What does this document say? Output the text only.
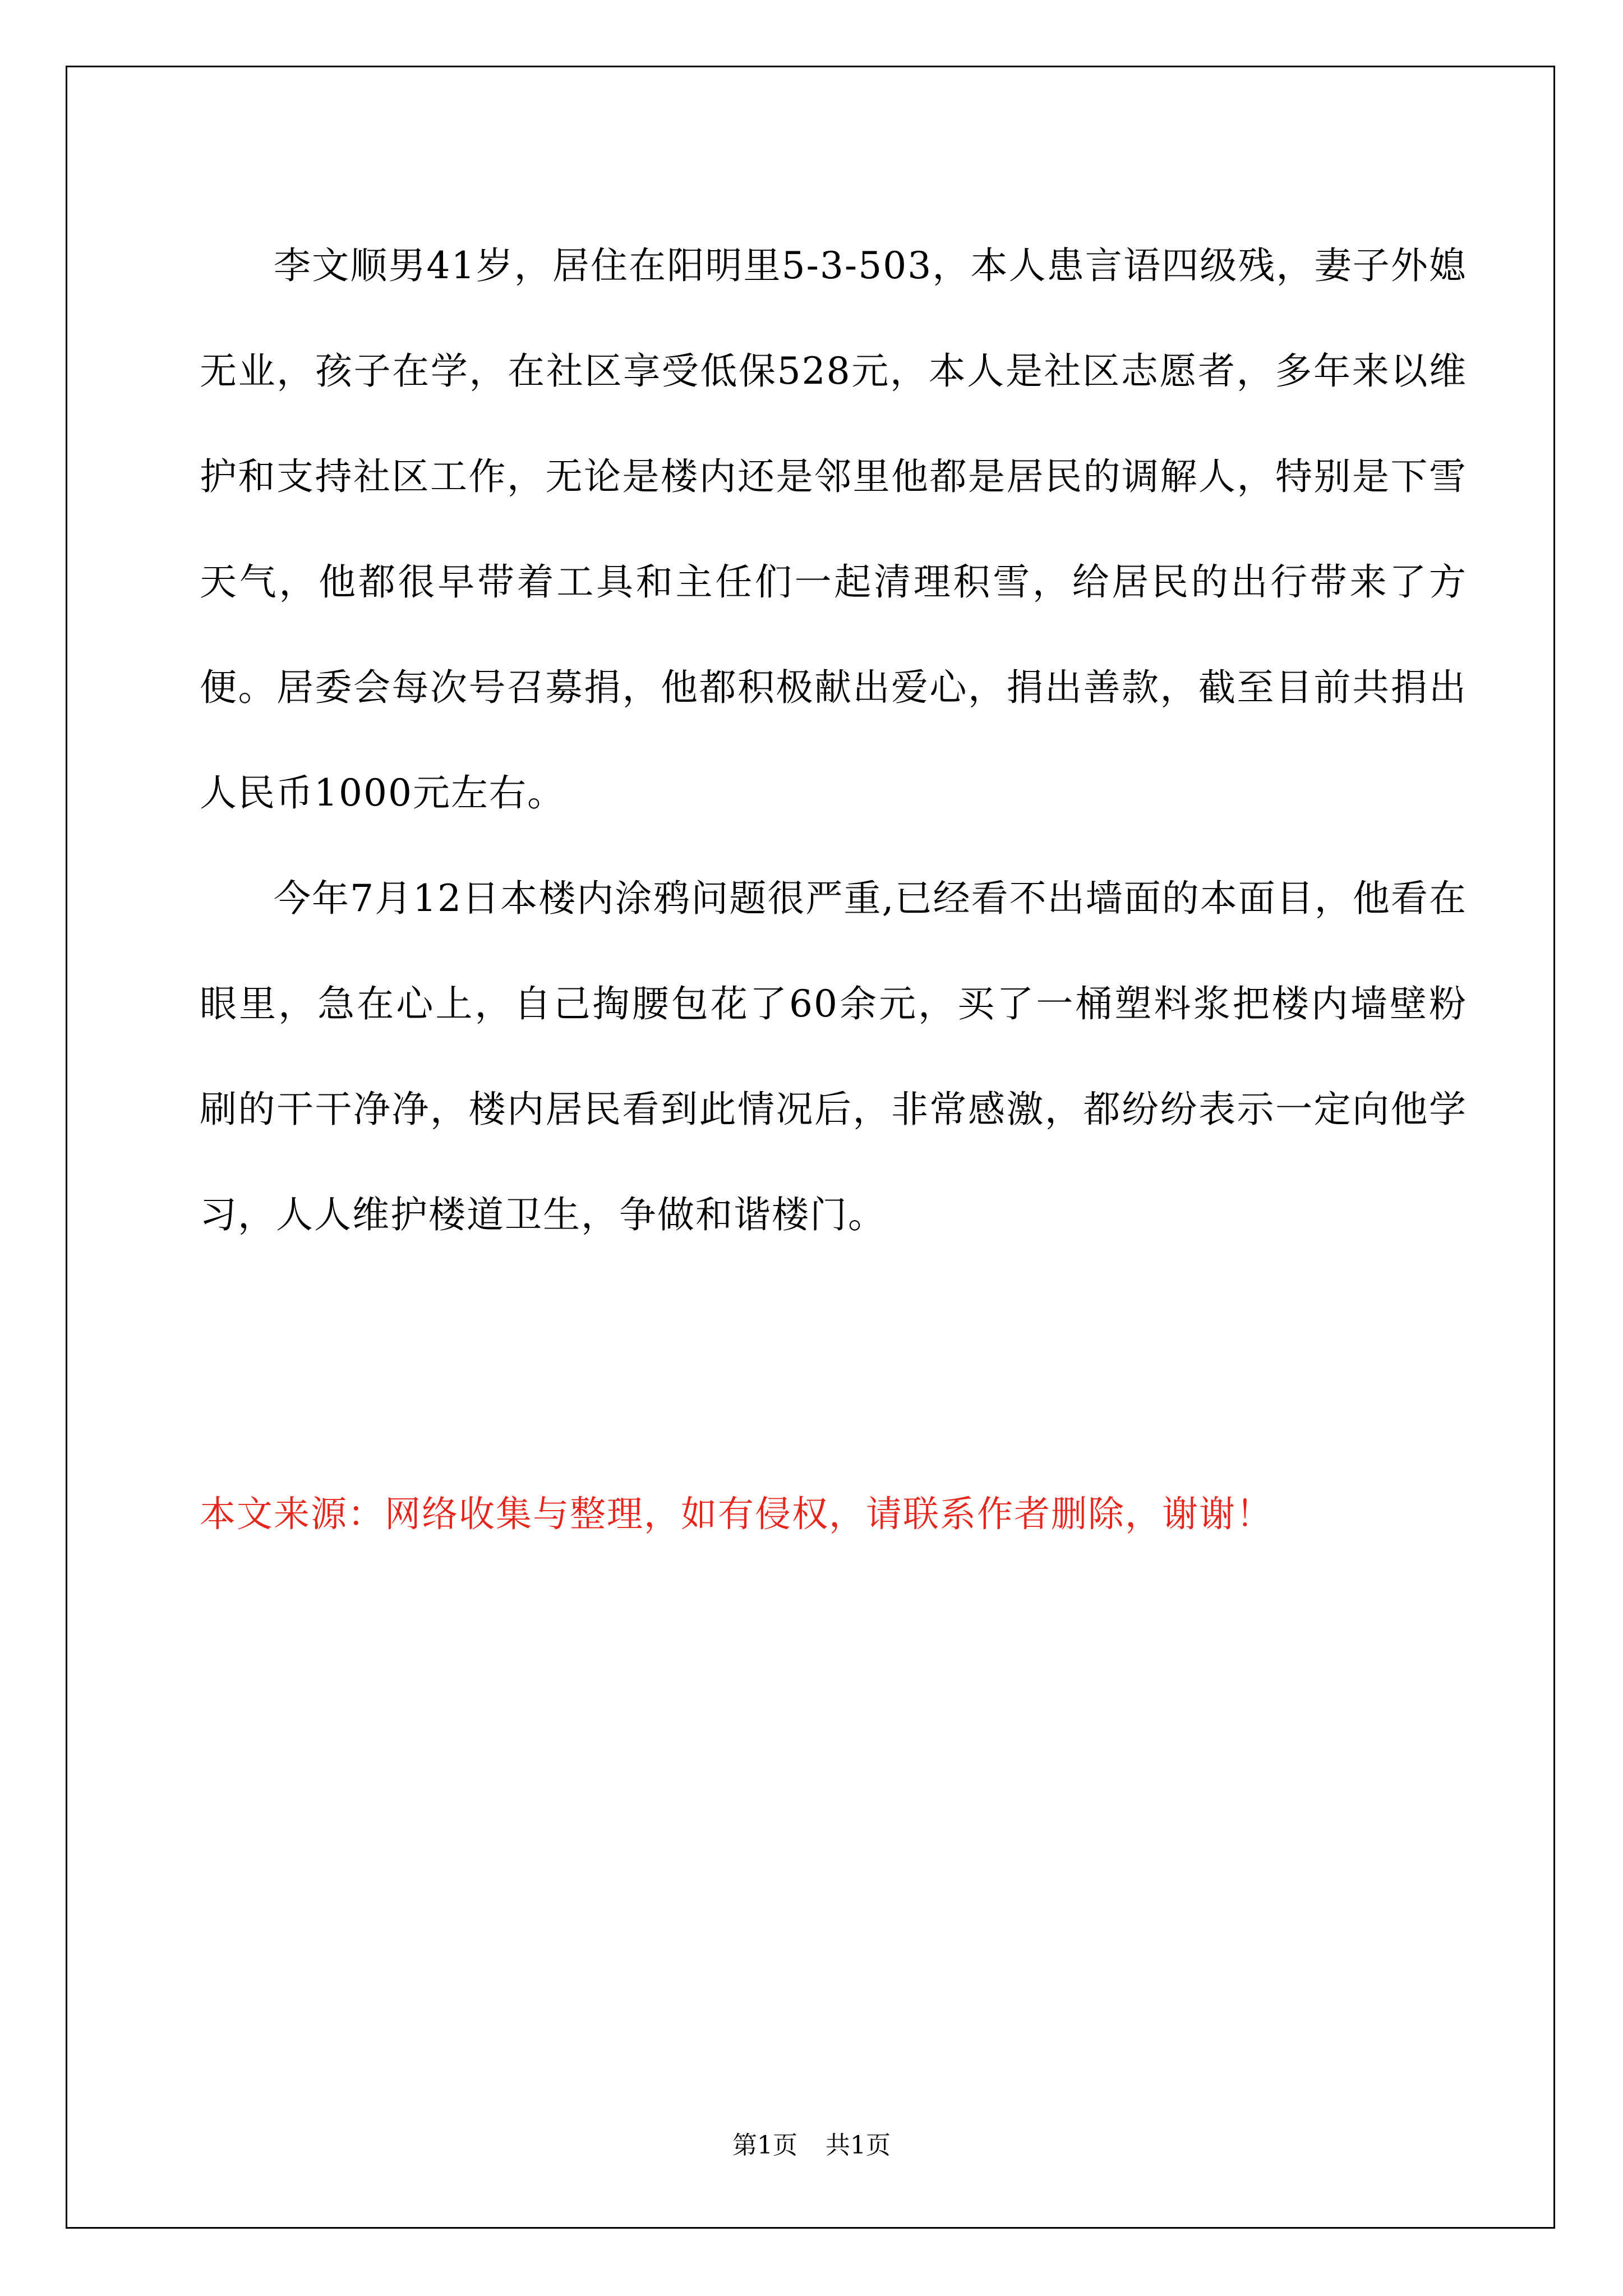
李文顺男41岁，居住在阳明里5-3-503，本人患言语四级残，妻子外媳无业，孩子在学，在社区享受低保528元，本人是社区志愿者，多年来以维护和支持社区工作，无论是楼内还是邻里他都是居民的调解人，特别是下雪天气，他都很早带着工具和主任们一起清理积雪，给居民的出行带来了方便。居委会每次号召募捐，他都积极献出爱心，捐出善款，截至目前共捐出人民币1000元左右。

今年7月12日本楼内涂鸦问题很严重,已经看不出墙面的本面目，他看在眼里，急在心上，自己掏腰包花了60余元，买了一桶塑料浆把楼内墙壁粉刷的干干净净，楼内居民看到此情况后，非常感激，都纷纷表示一定向他学习，人人维护楼道卫生，争做和谐楼门。

本文来源：网络收集与整理，如有侵权，请联系作者删除，谢谢！

第1页 共1页
